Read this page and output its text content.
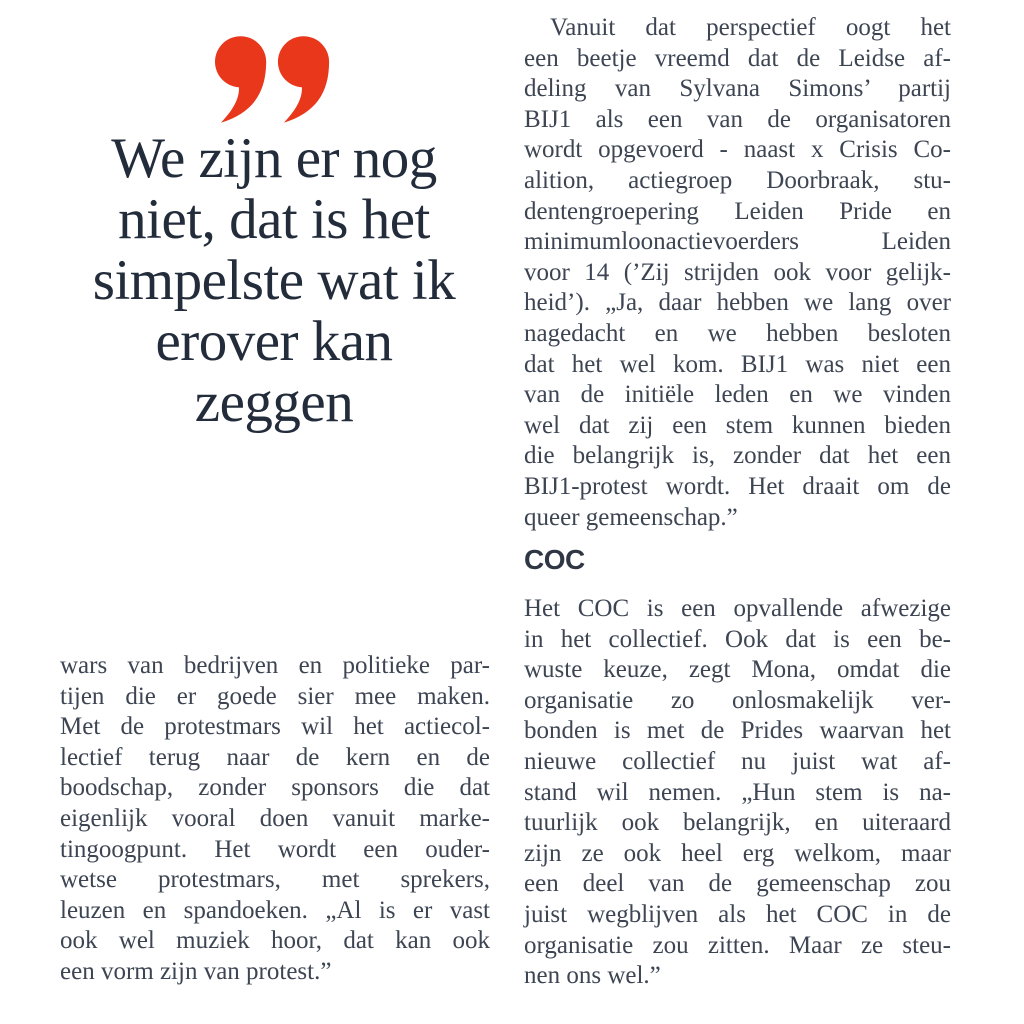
We zijn er nog
niet, dat is het
simpelste wat ik
erover kan
zeggen
wars van bedrijven en politieke par-
tijen die er goede sier mee maken.
Met de protestmars wil het actiecol-
lectief terug naar de kern en de
boodschap, zonder sponsors die dat
eigenlijk vooral doen vanuit marke-
tingoogpunt. Het wordt een ouder-
wetse protestmars, met sprekers,
leuzen en spandoeken. „Al is er vast
ook wel muziek hoor, dat kan ook
een vorm zijn van protest.”
Vanuit dat perspectief oogt het
een beetje vreemd dat de Leidse af-
deling van Sylvana Simons’ partij
BIJ1 als een van de organisatoren
wordt opgevoerd - naast x Crisis Co-
alition, actiegroep Doorbraak, stu-
dentengroepering Leiden Pride en
minimumloonactievoerders Leiden
voor 14 (’Zij strijden ook voor gelijk-
heid’). „Ja, daar hebben we lang over
nagedacht en we hebben besloten
dat het wel kom. BIJ1 was niet een
van de initiële leden en we vinden
wel dat zij een stem kunnen bieden
die belangrijk is, zonder dat het een
BIJ1-protest wordt. Het draait om de
queer gemeenschap.”
COC
Het COC is een opvallende afwezige
in het collectief. Ook dat is een be-
wuste keuze, zegt Mona, omdat die
organisatie zo onlosmakelijk ver-
bonden is met de Prides waarvan het
nieuwe collectief nu juist wat af-
stand wil nemen. „Hun stem is na-
tuurlijk ook belangrijk, en uiteraard
zijn ze ook heel erg welkom, maar
een deel van de gemeenschap zou
juist wegblijven als het COC in de
organisatie zou zitten. Maar ze steu-
nen ons wel.”
